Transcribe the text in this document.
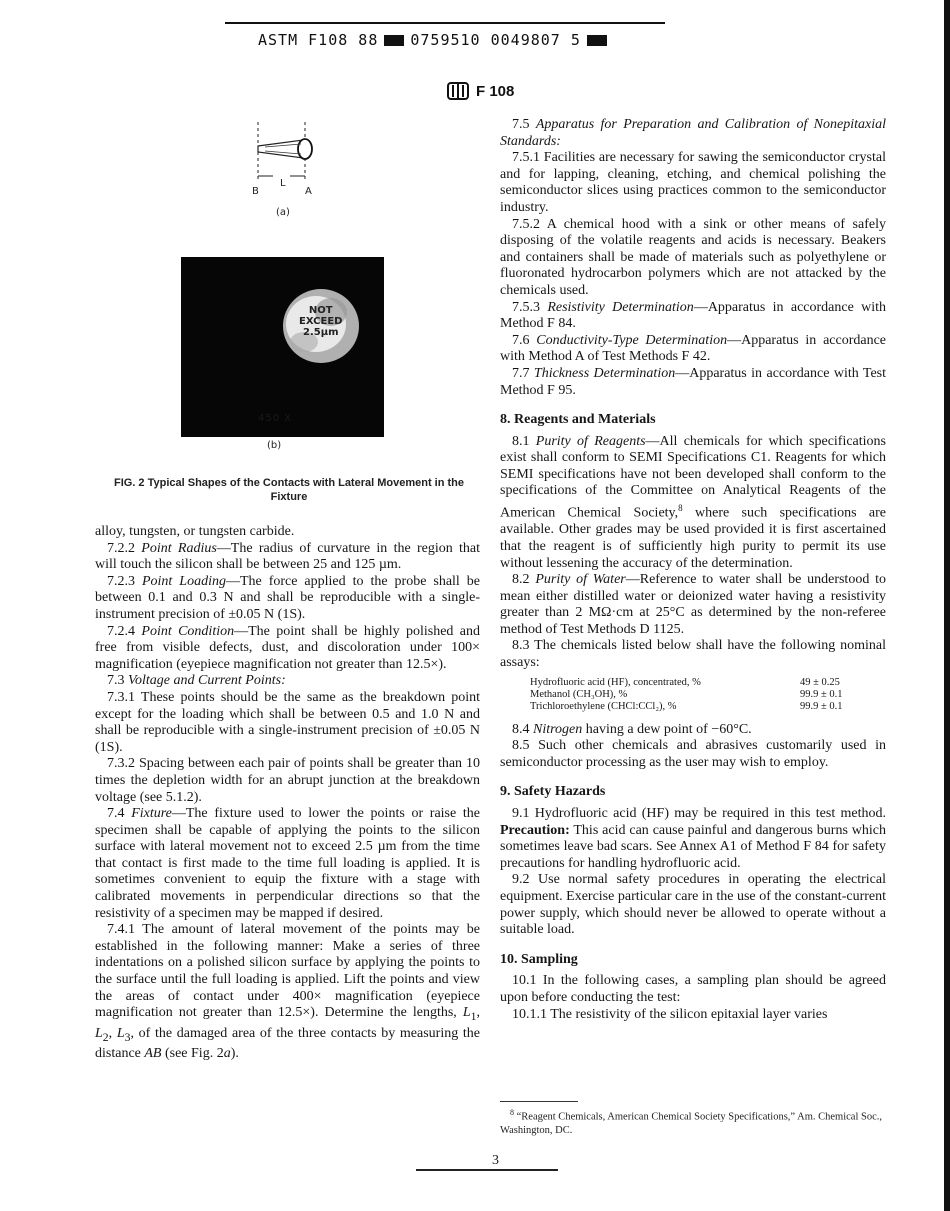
ASTM F108 88 0759510 0049807 5
F 108
B
L
A
(a)
NOT
EXCEED
2.5µm
450 X
(b)
FIG. 2 Typical Shapes of the Contacts with Lateral Movement in the Fixture

alloy, tungsten, or tungsten carbide.

7.2.2 Point Radius—The radius of curvature in the region that will touch the silicon shall be between 25 and 125 µm.

7.2.3 Point Loading—The force applied to the probe shall be between 0.1 and 0.3 N and shall be reproducible with a single-instrument precision of ±0.05 N (1S).

7.2.4 Point Condition—The point shall be highly polished and free from visible defects, dust, and discoloration under 100× magnification (eyepiece magnification not greater than 12.5×).

7.3 Voltage and Current Points:

7.3.1 These points should be the same as the breakdown point except for the loading which shall be between 0.5 and 1.0 N and shall be reproducible with a single-instrument precision of ±0.05 N (1S).

7.3.2 Spacing between each pair of points shall be greater than 10 times the depletion width for an abrupt junction at the breakdown voltage (see 5.1.2).

7.4 Fixture—The fixture used to lower the points or raise the specimen shall be capable of applying the points to the silicon surface with lateral movement not to exceed 2.5 µm from the time that contact is first made to the time full loading is applied. It is sometimes convenient to equip the fixture with a stage with calibrated movements in perpendicular directions so that the resistivity of a specimen may be mapped if desired.

7.4.1 The amount of lateral movement of the points may be established in the following manner: Make a series of three indentations on a polished silicon surface by applying the points to the surface until the full loading is applied. Lift the points and view the areas of contact under 400× magnification (eyepiece magnification not greater than 12.5×). Determine the lengths, $L_1$, $L_2$, $L_3$, of the damaged area of the three contacts by measuring the distance AB (see Fig. 2a).

7.5 Apparatus for Preparation and Calibration of Nonepitaxial Standards:

7.5.1 Facilities are necessary for sawing the semiconductor crystal and for lapping, cleaning, etching, and chemical polishing the semiconductor slices using practices common to the semiconductor industry.

7.5.2 A chemical hood with a sink or other means of safely disposing of the volatile reagents and acids is necessary. Beakers and containers shall be made of materials such as polyethylene or fluoronated hydrocarbon polymers which are not attacked by the chemicals used.

7.5.3 Resistivity Determination—Apparatus in accordance with Method F 84.

7.6 Conductivity-Type Determination—Apparatus in accordance with Method A of Test Methods F 42.

7.7 Thickness Determination—Apparatus in accordance with Test Method F 95.

8. Reagents and Materials

8.1 Purity of Reagents—All chemicals for which specifications exist shall conform to SEMI Specifications C1. Reagents for which SEMI specifications have not been developed shall conform to the specifications of the Committee on Analytical Reagents of the American Chemical Society,$^8$ where such specifications are available. Other grades may be used provided it is first ascertained that the reagent is of sufficiently high purity to permit its use without lessening the accuracy of the determination.

8.2 Purity of Water—Reference to water shall be understood to mean either distilled water or deionized water having a resistivity greater than 2 MΩ·cm at 25°C as determined by the non-referee method of Test Methods D 1125.

8.3 The chemicals listed below shall have the following nominal assays:

Hydrofluoric acid (HF), concentrated, %	49 ± 0.25
Methanol (CH₃OH), %	99.9 ± 0.1
Trichloroethylene (CHCl:CCl₂), %	99.9 ± 0.1

8.4 Nitrogen having a dew point of −60°C.

8.5 Such other chemicals and abrasives customarily used in semiconductor processing as the user may wish to employ.

9. Safety Hazards

9.1 Hydrofluoric acid (HF) may be required in this test method. Precaution: This acid can cause painful and dangerous burns which sometimes leave bad scars. See Annex A1 of Method F 84 for safety precautions for handling hydrofluoric acid.

9.2 Use normal safety procedures in operating the electrical equipment. Exercise particular care in the use of the constant-current power supply, which should never be allowed to operate without a suitable load.

10. Sampling

10.1 In the following cases, a sampling plan should be agreed upon before conducting the test:

10.1.1 The resistivity of the silicon epitaxial layer varies

$^8$ “Reagent Chemicals, American Chemical Society Specifications,” Am. Chemical Soc., Washington, DC.
3
